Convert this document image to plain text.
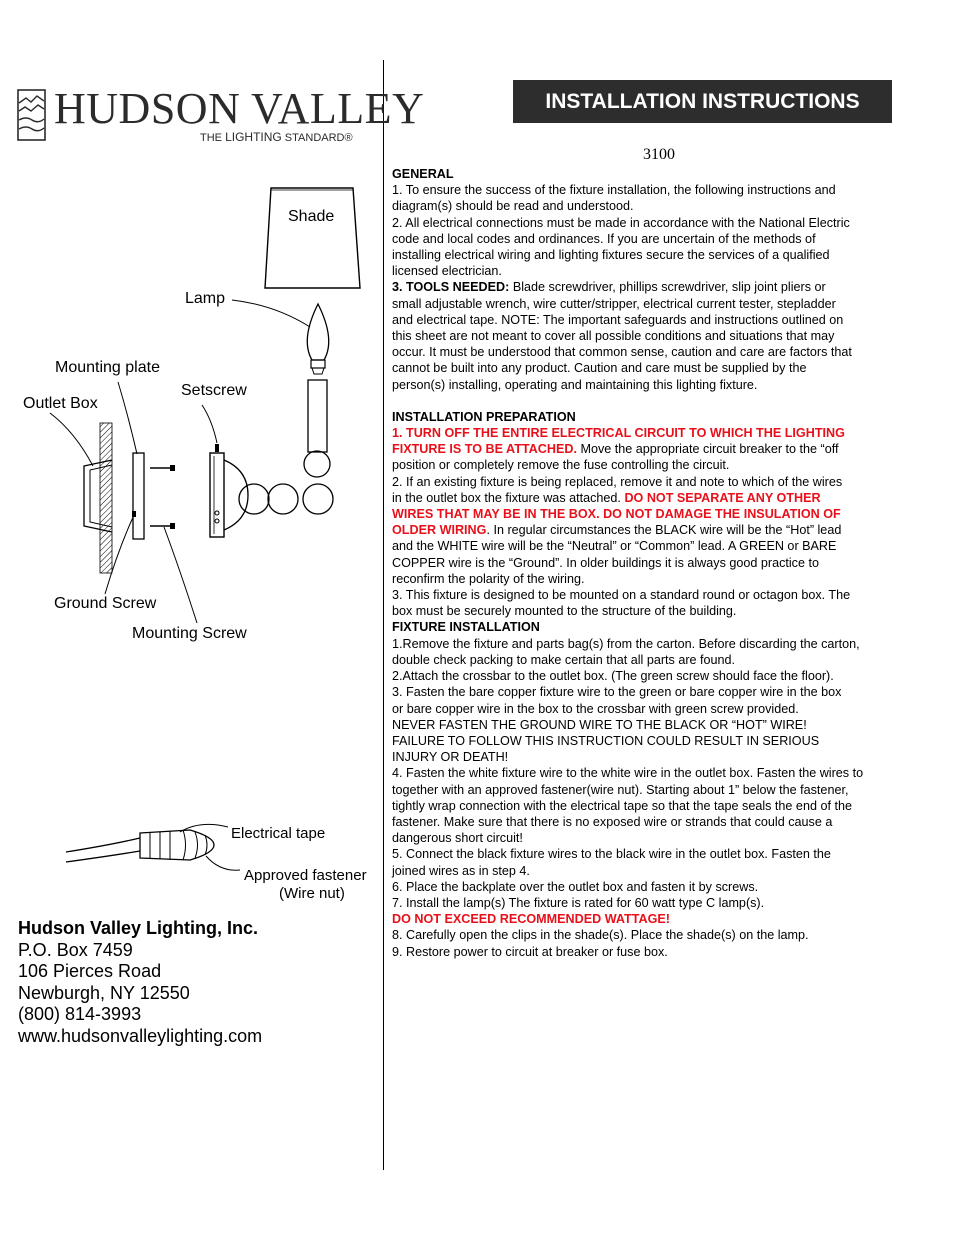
HUDSON VALLEY
THE LIGHTING STANDARD®
INSTALLATION INSTRUCTIONS
3100
Shade
Lamp
Mounting plate
Setscrew
Outlet Box
Ground Screw
Mounting Screw
Electrical tape
Approved fastener
(Wire nut)
Hudson Valley Lighting, Inc.
P.O. Box 7459
106 Pierces Road
Newburgh, NY 12550
(800) 814-3993
www.hudsonvalleylighting.com

GENERAL

1. To ensure the success of the fixture installation, the following instructions and

diagram(s) should be read and understood.

2. All electrical connections must be made in accordance with the National Electric

code and local codes and ordinances. If you are uncertain of the methods of

installing electrical wiring and lighting fixtures secure the services of a qualified

licensed electrician.

3. TOOLS NEEDED: Blade screwdriver, phillips screwdriver, slip joint pliers or

small adjustable wrench, wire cutter/stripper, electrical current tester, stepladder

and electrical tape. NOTE: The important safeguards and instructions outlined on

this sheet are not meant to cover all possible conditions and situations that may

occur. It must be understood that common sense, caution and care are factors that

cannot be built into any product. Caution and care must be supplied by the

person(s) installing, operating and maintaining this lighting fixture.

INSTALLATION PREPARATION

1. TURN OFF THE ENTIRE ELECTRICAL CIRCUIT TO WHICH THE LIGHTING

FIXTURE IS TO BE ATTACHED. Move the appropriate circuit breaker to the “off

position or completely remove the fuse controlling the circuit.

2. If an existing fixture is being replaced, remove it and note to which of the wires

in the outlet box the fixture was attached. DO NOT SEPARATE ANY OTHER

WIRES THAT MAY BE IN THE BOX. DO NOT DAMAGE THE INSULATION OF

OLDER WIRING. In regular circumstances the BLACK wire will be the “Hot” lead

and the WHITE wire will be the “Neutral” or “Common” lead. A GREEN or BARE

COPPER wire is the “Ground”. In older buildings it is always good practice to

reconfirm the polarity of the wiring.

3. This fixture is designed to be mounted on a standard round or octagon box. The

box must be securely mounted to the structure of the building.

FIXTURE INSTALLATION

1.Remove the fixture and parts bag(s) from the carton. Before discarding the carton,

double check packing to make certain that all parts are found.

2.Attach the crossbar to the outlet box. (The green screw should face the floor).

3. Fasten the bare copper fixture wire to the green or bare copper wire in the box

or bare copper wire in the box to the crossbar with green screw provided.

NEVER FASTEN THE GROUND WIRE TO THE BLACK OR “HOT” WIRE!

FAILURE TO FOLLOW THIS INSTRUCTION COULD RESULT IN SERIOUS

INJURY OR DEATH!

4. Fasten the white fixture wire to the white wire in the outlet box. Fasten the wires to

together with an approved fastener(wire nut). Starting about 1” below the fastener,

tightly wrap connection with the electrical tape so that the tape seals the end of the

fastener. Make sure that there is no exposed wire or strands that could cause a

dangerous short circuit!

5. Connect the black fixture wires to the black wire in the outlet box. Fasten the

joined wires as in step 4.

6. Place the backplate over the outlet box and fasten it by screws.

7. Install the lamp(s) The fixture is rated for 60 watt type C lamp(s).

DO NOT EXCEED RECOMMENDED WATTAGE!

8. Carefully open the clips in the shade(s). Place the shade(s) on the lamp.

9. Restore power to circuit at breaker or fuse box.
